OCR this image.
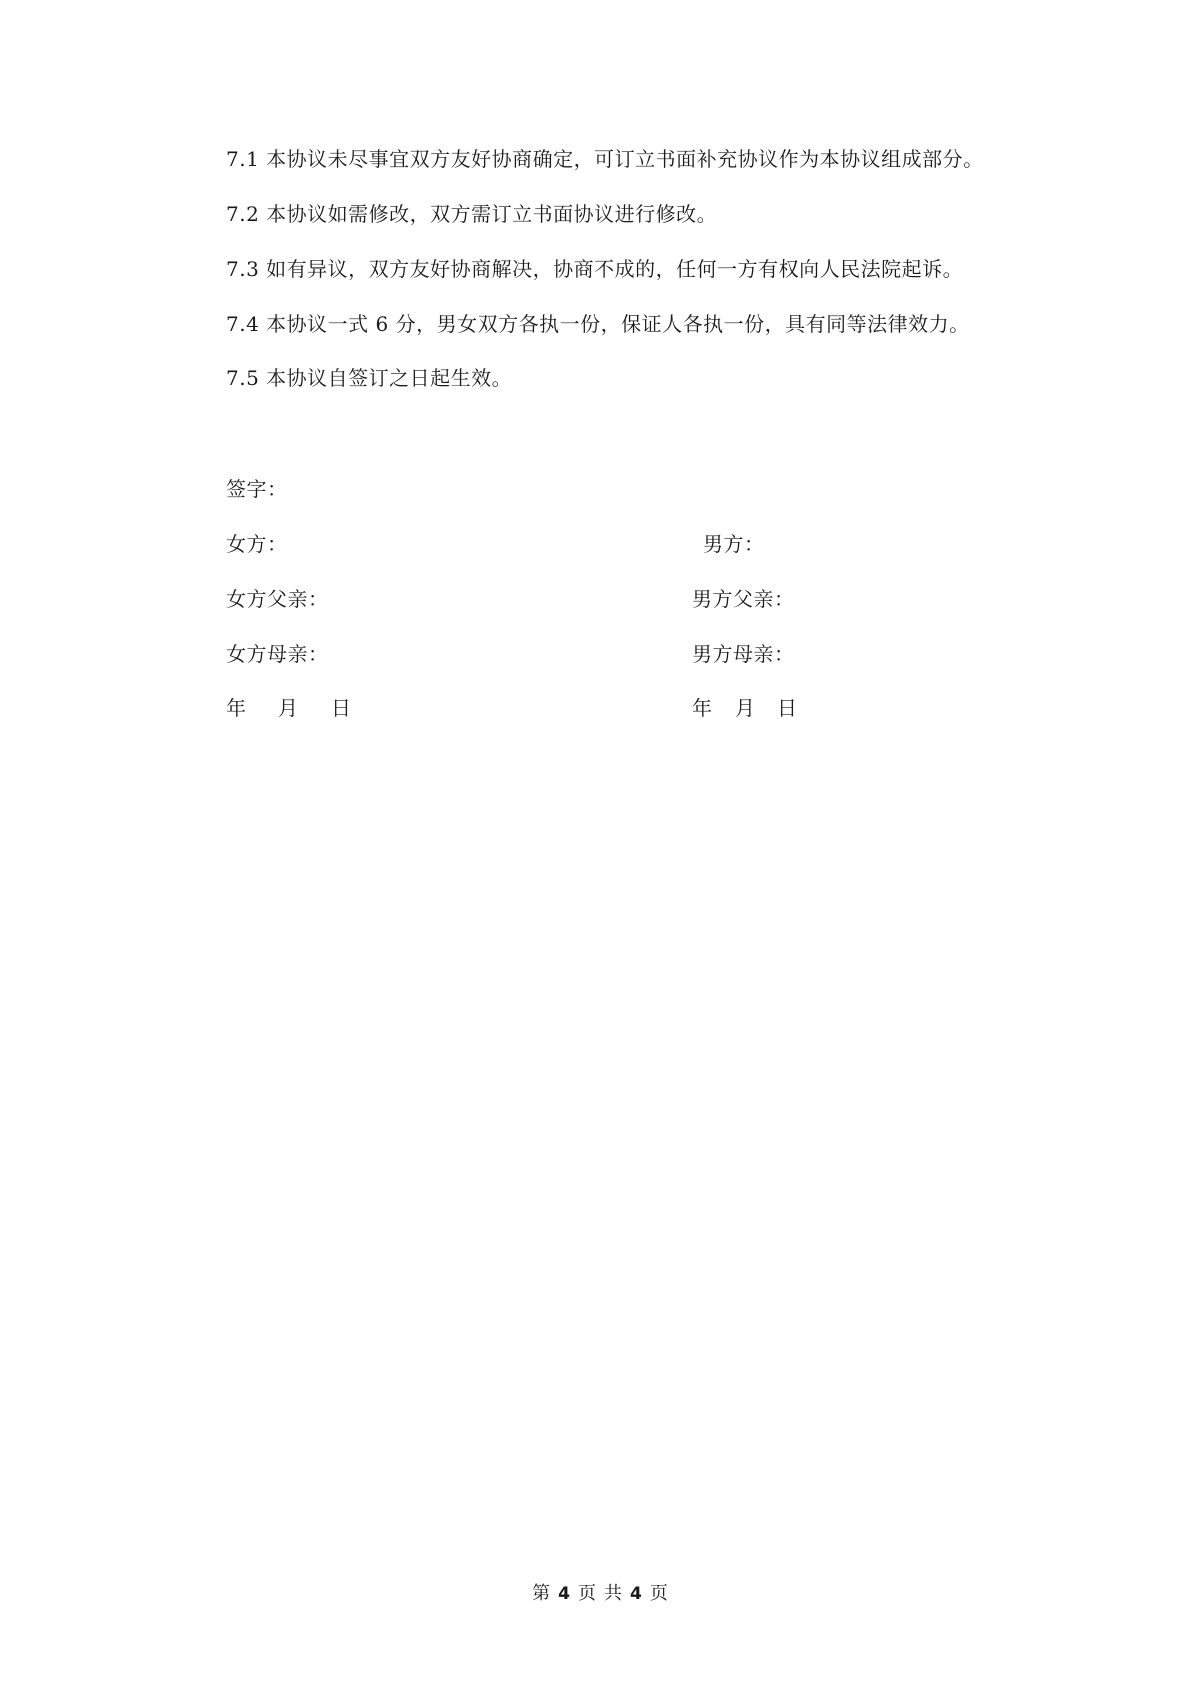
7.1 本协议未尽事宜双方友好协商确定，可订立书面补充协议作为本协议组成部分。
7.2 本协议如需修改，双方需订立书面协议进行修改。
7.3 如有异议，双方友好协商解决，协商不成的，任何一方有权向人民法院起诉。
7.4 本协议一式 6 分，男女双方各执一份，保证人各执一份，具有同等法律效力。
7.5 本协议自签订之日起生效。
签字：
女方：	男方：
女方父亲：	男方父亲：
女方母亲：	男方母亲：
年 月 日	年 月 日
第 4 页 共 4 页
